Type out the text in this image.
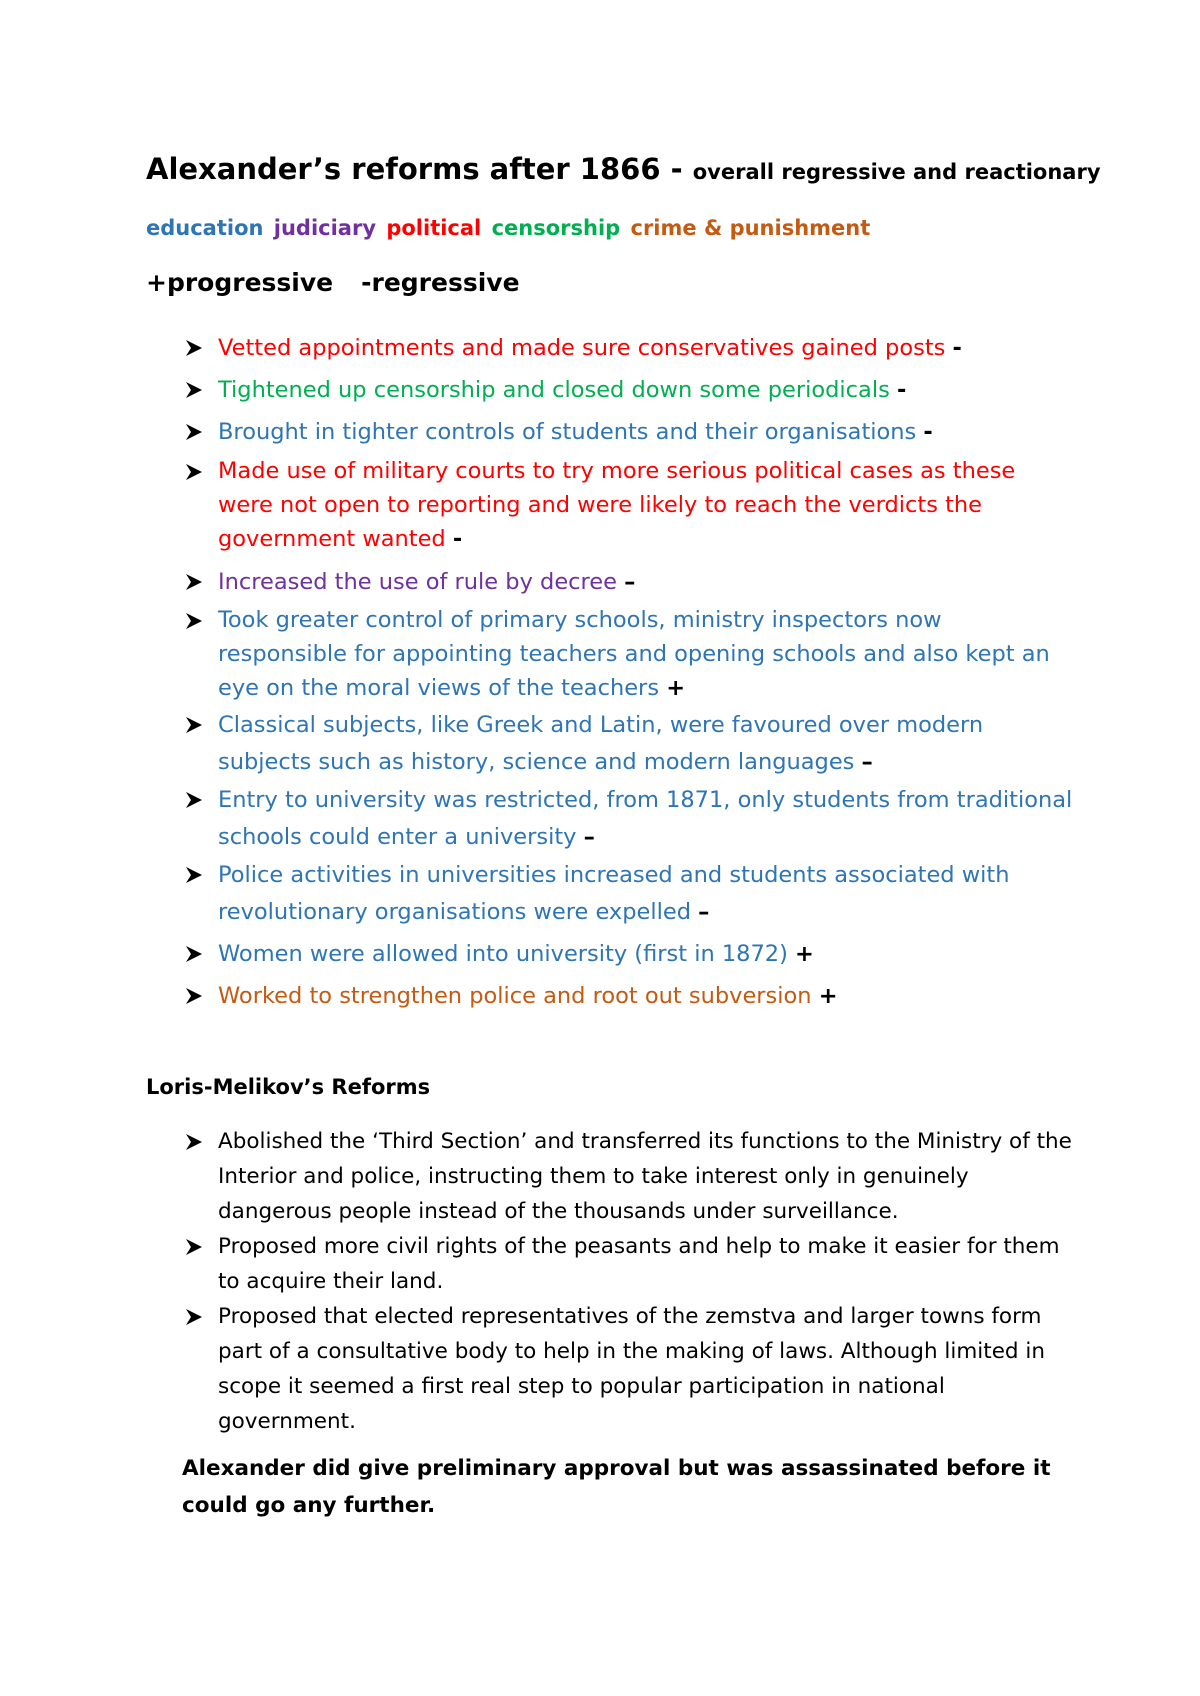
Alexander’s reforms after 1866 - overall regressive and reactionary
education judiciary political censorship crime & punishment
+progressive -regressive
Vetted appointments and made sure conservatives gained posts -
Tightened up censorship and closed down some periodicals -
Brought in tighter controls of students and their organisations -
Made use of military courts to try more serious political cases as these were not open to reporting and were likely to reach the verdicts the government wanted -
Increased the use of rule by decree –
Took greater control of primary schools, ministry inspectors now responsible for appointing teachers and opening schools and also kept an eye on the moral views of the teachers +
Classical subjects, like Greek and Latin, were favoured over modern subjects such as history, science and modern languages –
Entry to university was restricted, from 1871, only students from traditional schools could enter a university –
Police activities in universities increased and students associated with revolutionary organisations were expelled –
Women were allowed into university (first in 1872) +
Worked to strengthen police and root out subversion +
Loris-Melikov’s Reforms
Abolished the ‘Third Section’ and transferred its functions to the Ministry of the Interior and police, instructing them to take interest only in genuinely dangerous people instead of the thousands under surveillance.
Proposed more civil rights of the peasants and help to make it easier for them to acquire their land.
Proposed that elected representatives of the zemstva and larger towns form part of a consultative body to help in the making of laws. Although limited in scope it seemed a first real step to popular participation in national government.
Alexander did give preliminary approval but was assassinated before it could go any further.
